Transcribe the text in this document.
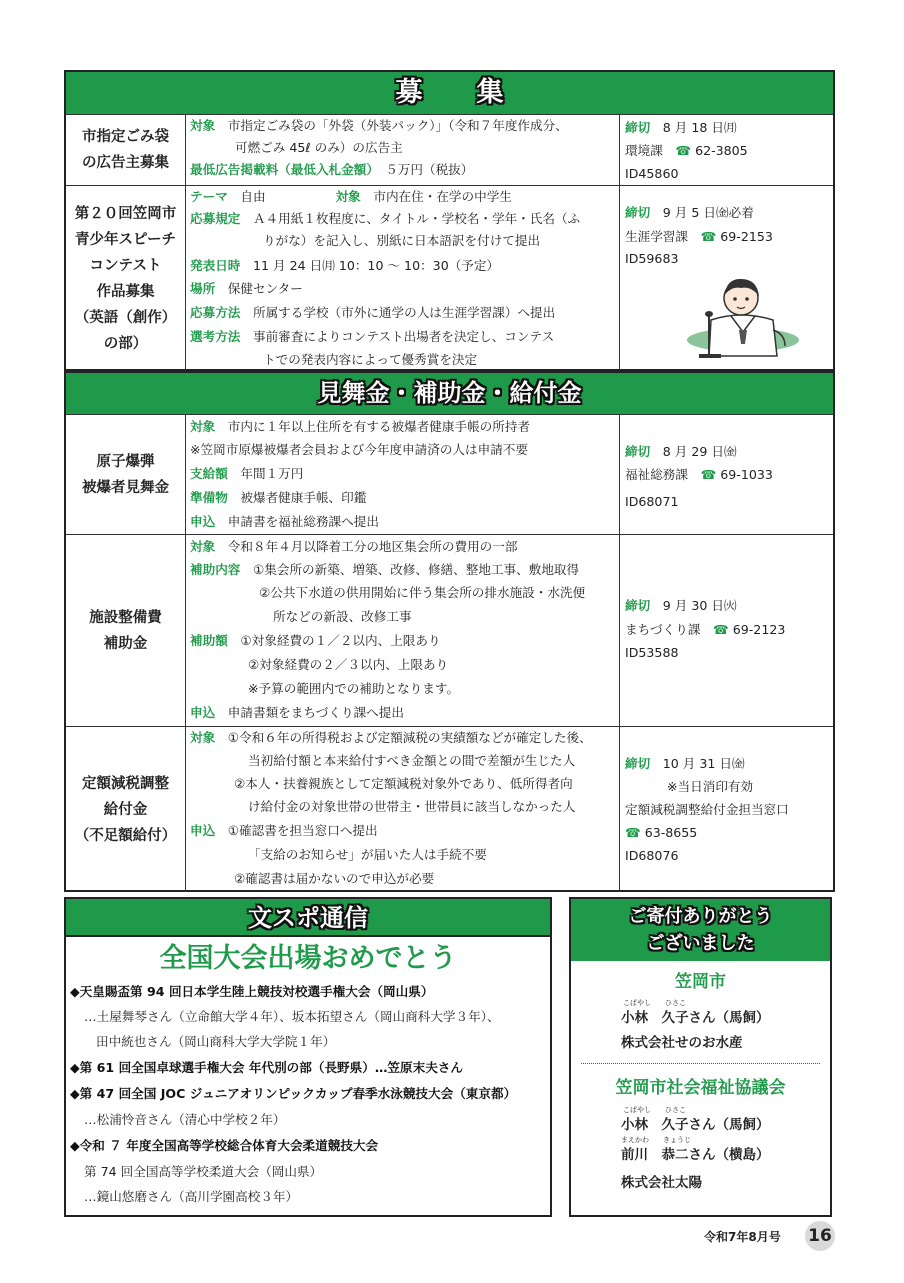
募　　集
市指定ごみ袋
の広告主募集
対象　 市指定ごみ袋の「外袋（外装パック）」（令和７年度作成分、
可燃ごみ 45ℓ のみ）の広告主
最低広告掲載料（最低入札金額）　 ５万円（税抜）
締切　 8 月 18 日㈪
環境課　 ☎ 62-3805
ID45860
第２０回笠岡市
青少年スピーチ
コンテスト
作品募集
（英語（創作）
の部）
テーマ　 自由	対象　 市内在住・在学の中学生
応募規定　 Ａ４用紙１枚程度に、タイトル・学校名・学年・氏名（ふ
りがな）を記入し、別紙に日本語訳を付けて提出
発表日時　 11 月 24 日㈪ 10：10 ～ 10：30（予定）
場所　 保健センター
応募方法　 所属する学校（市外に通学の人は生涯学習課）へ提出
選考方法　 事前審査によりコンテスト出場者を決定し、コンテス
トでの発表内容によって優秀賞を決定
締切　 9 月 5 日㈮必着
生涯学習課　 ☎ 69-2153
ID59683
見舞金・補助金・給付金
原子爆弾
被爆者見舞金
対象　 市内に１年以上住所を有する被爆者健康手帳の所持者
※笠岡市原爆被爆者会員および今年度申請済の人は申請不要
支給額　 年間１万円
準備物　 被爆者健康手帳、印鑑
申込　 申請書を福祉総務課へ提出
締切　 8 月 29 日㈮
福祉総務課　 ☎ 69-1033
ID68071
施設整備費
補助金
対象　 令和８年４月以降着工分の地区集会所の費用の一部
補助内容　 ①集会所の新築、増築、改修、修繕、整地工事、敷地取得
②公共下水道の供用開始に伴う集会所の排水施設・水洗便
所などの新設、改修工事
補助額　 ①対象経費の１／２以内、上限あり
②対象経費の２／３以内、上限あり
※予算の範囲内での補助となります。
申込　 申請書類をまちづくり課へ提出
締切　 9 月 30 日㈫
まちづくり課　 ☎ 69-2123
ID53588
定額減税調整
給付金
（不足額給付）
対象　 ①令和６年の所得税および定額減税の実績額などが確定した後、
当初給付額と本来給付すべき金額との間で差額が生じた人
②本人・扶養親族として定額減税対象外であり、低所得者向
け給付金の対象世帯の世帯主・世帯員に該当しなかった人
申込　 ①確認書を担当窓口へ提出
「支給のお知らせ」が届いた人は手続不要
②確認書は届かないので申込が必要
締切　 10 月 31 日㈮
※当日消印有効
定額減税調整給付金担当窓口
☎ 63-8655
ID68076
文スポ通信
全国大会出場おめでとう
◆天皇賜盃第 94 回日本学生陸上競技対校選手権大会（岡山県）
…土屋舞琴さん（立命館大学４年）、坂本拓望さん（岡山商科大学３年）、
田中統也さん（岡山商科大学大学院１年）
◆第 61 回全国卓球選手権大会 年代別の部（長野県）…笠原末夫さん
◆第 47 回全国 JOC ジュニアオリンピックカップ春季水泳競技大会（東京都）
…松浦怜音さん（清心中学校２年）
◆令和 ７ 年度全国高等学校総合体育大会柔道競技大会
第 74 回全国高等学校柔道大会（岡山県）
…鏡山悠磨さん（高川学園高校３年）
ご寄付ありがとう
ございました
笠岡市
こばやし　　ひさこ
小林　久子さん（馬飼）
株式会社せのお水産
笠岡市社会福祉協議会
こばやし　　ひさこ
小林　久子さん（馬飼）
まえかわ　　きょうじ
前川　恭二さん（横島）
株式会社太陽
令和7年8月号 16
